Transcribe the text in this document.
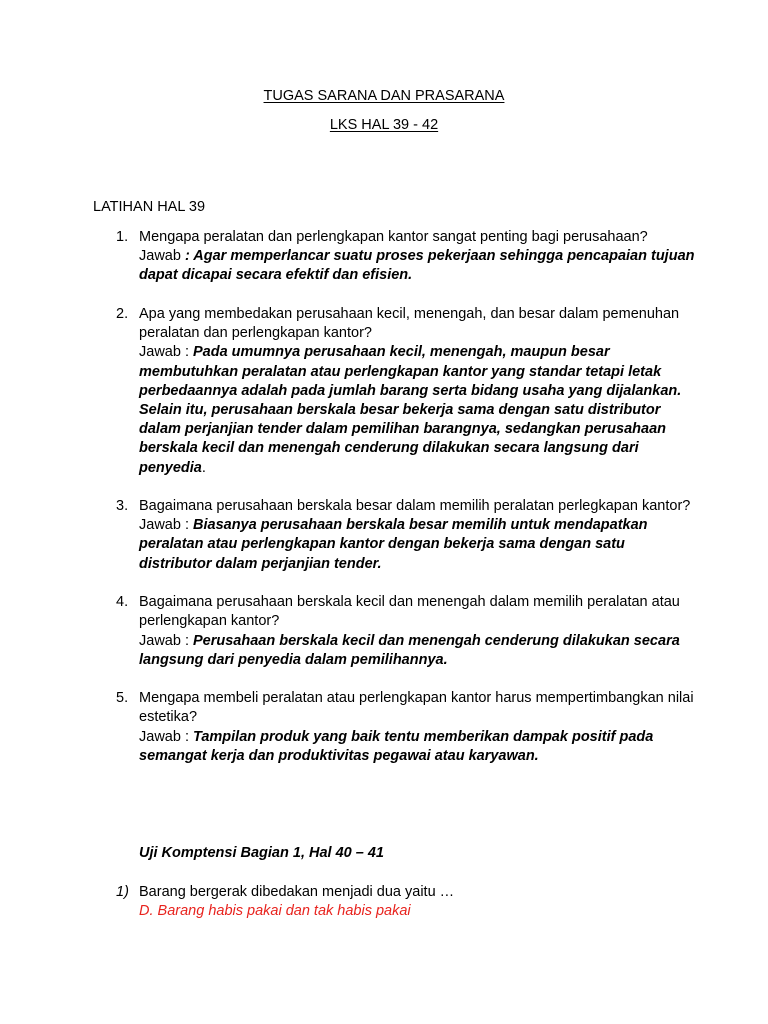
TUGAS SARANA DAN PRASARANA
LKS HAL 39 - 42
LATIHAN HAL 39
1. Mengapa peralatan dan perlengkapan kantor sangat penting bagi perusahaan?
Jawab : Agar memperlancar suatu proses pekerjaan sehingga pencapaian tujuan dapat dicapai secara efektif dan efisien.
2. Apa yang membedakan perusahaan kecil, menengah, dan besar dalam pemenuhan peralatan dan perlengkapan kantor?
Jawab : Pada umumnya perusahaan kecil, menengah, maupun besar membutuhkan peralatan atau perlengkapan kantor yang standar tetapi letak perbedaannya adalah pada jumlah barang serta bidang usaha yang dijalankan. Selain itu, perusahaan berskala besar bekerja sama dengan satu distributor dalam perjanjian tender dalam pemilihan barangnya, sedangkan perusahaan berskala kecil dan menengah cenderung dilakukan secara langsung dari penyedia.
3. Bagaimana perusahaan berskala besar dalam memilih peralatan perlegkapan kantor?
Jawab : Biasanya perusahaan berskala besar memilih untuk mendapatkan peralatan atau perlengkapan kantor dengan bekerja sama dengan satu distributor dalam perjanjian tender.
4. Bagaimana perusahaan berskala kecil dan menengah dalam memilih peralatan atau perlengkapan kantor?
Jawab : Perusahaan berskala kecil dan menengah cenderung dilakukan secara langsung dari penyedia dalam pemilihannya.
5. Mengapa membeli peralatan atau perlengkapan kantor harus mempertimbangkan nilai estetika?
Jawab : Tampilan produk yang baik tentu memberikan dampak positif pada semangat kerja dan produktivitas pegawai atau karyawan.
Uji Komptensi Bagian 1, Hal 40 – 41
1) Barang bergerak dibedakan menjadi dua yaitu …
D. Barang habis pakai dan tak habis pakai
